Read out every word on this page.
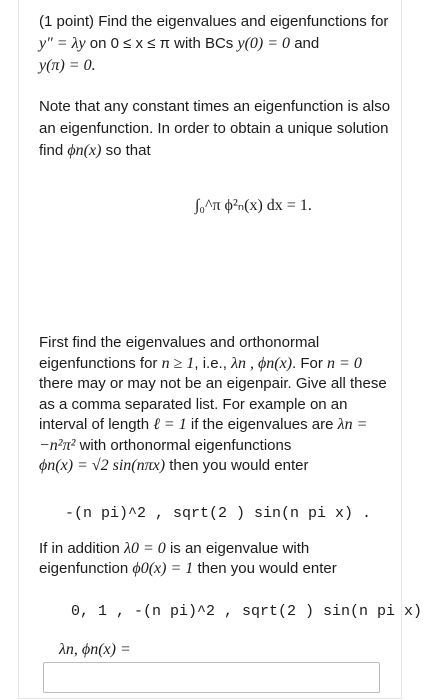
(1 point) Find the eigenvalues and eigenfunctions for
y″ = λy on 0 ≤ x ≤ π with BCs y(0) = 0 and
y(π) = 0.
Note that any constant times an eigenfunction is also an eigenfunction. In order to obtain a unique solution find ϕn(x) so that
∫₀^π ϕ²ₙ(x) dx = 1.
First find the eigenvalues and orthonormal eigenfunctions for n ≥ 1, i.e., λn , ϕn(x). For n = 0 there may or may not be an eigenpair. Give all these as a comma separated list. For example on an interval of length ℓ = 1 if the eigenvalues are λn = −n²π² with orthonormal eigenfunctions
ϕn(x) = √2 sin(nπx) then you would enter
-(n pi)^2 , sqrt(2 ) sin(n pi x) .
If in addition λ0 = 0 is an eigenvalue with
eigenfunction ϕ0(x) = 1 then you would enter
0, 1 , -(n pi)^2 , sqrt(2 ) sin(n pi x)
λn, ϕn(x) =
